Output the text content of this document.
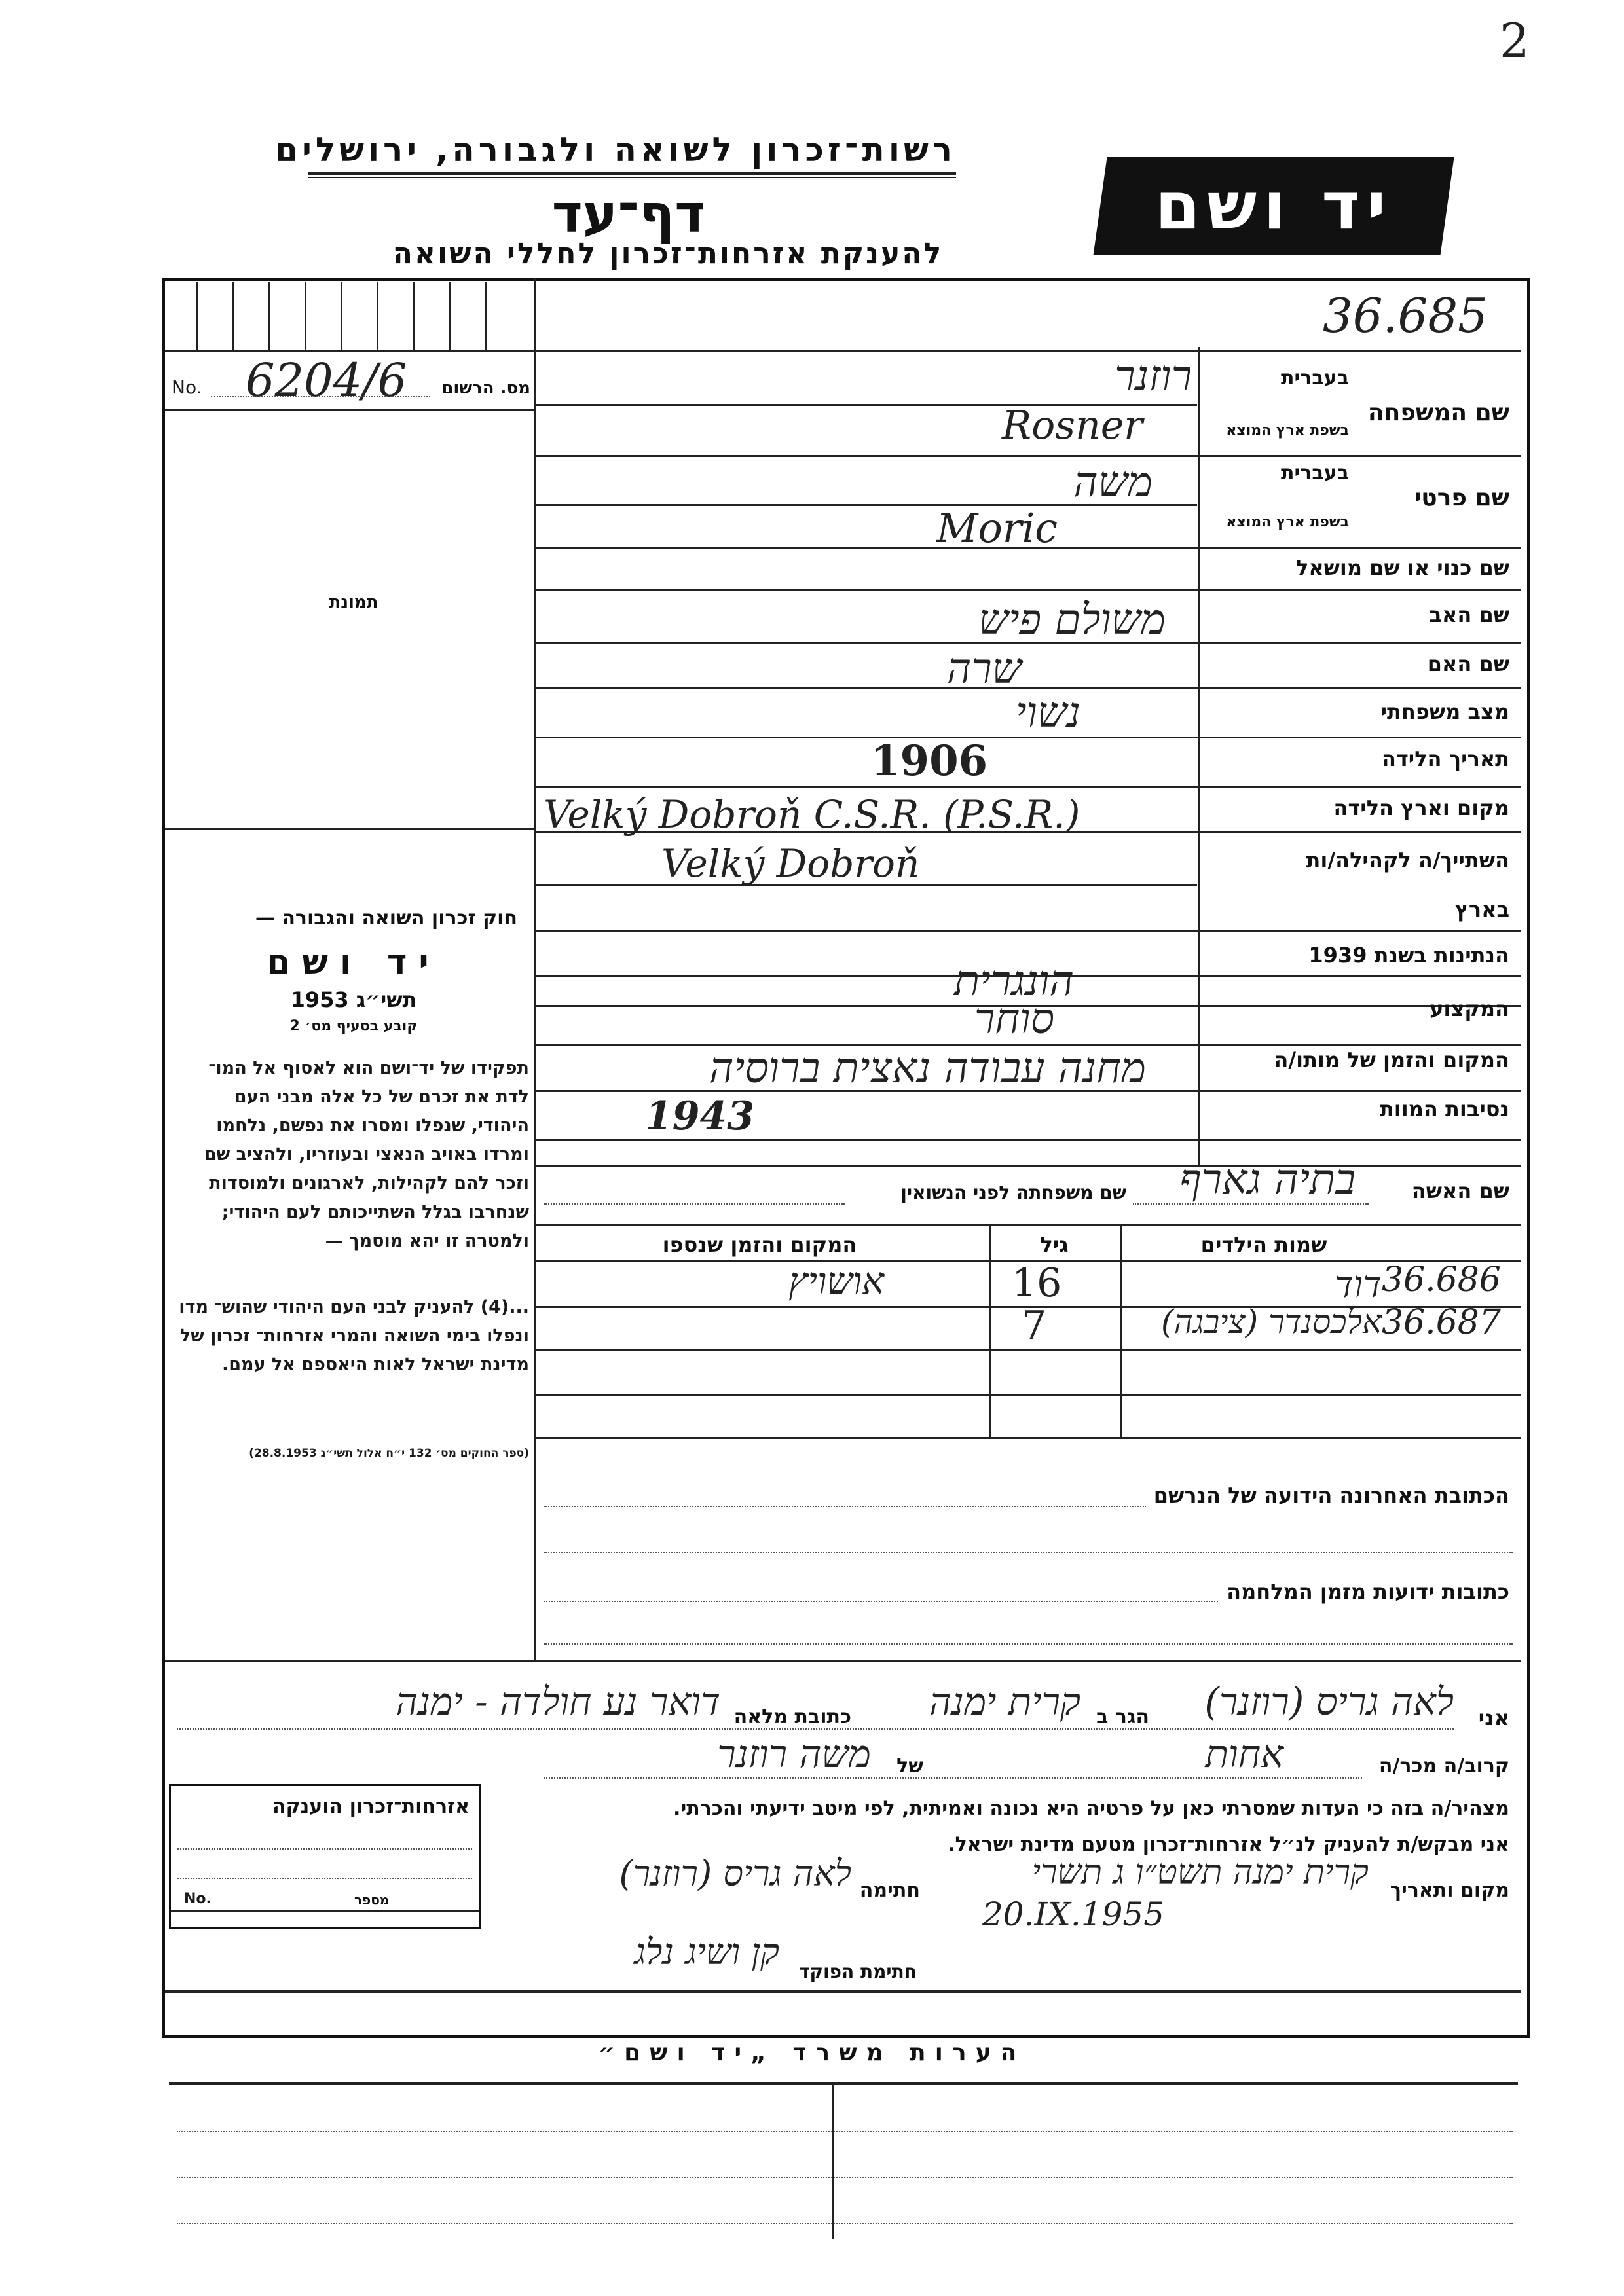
2
רשות־זכרון לשואה ולגבורה, ירושלים
דף־עד
להענקת אזרחות־זכרון לחללי השואה
יד ושם
36.685
No. 6204/6	מס. הרשום
תמונת
חוק זכרון השואה והגבורה —
יד ושם
תשי״ג 1953
קובע בסעיף מס׳ 2
תפקידו של יד־ושם הוא לאסוף אל המו־ לדת את זכרם של כל אלה מבני העם היהודי, שנפלו ומסרו את נפשם, נלחמו ומרדו באויב הנאצי ובעוזריו, ולהציב שם וזכר להם לקהילות, לארגונים ולמוסדות שנחרבו בגלל השתייכותם לעם היהודי; ולמטרה זו יהא מוסמך —
...(4) להעניק לבני העם היהודי שהוש־ מדו ונפלו בימי השואה והמרי אזרחות־ זכרון של מדינת ישראל לאות היאספם אל עמם.
(ספר החוקים מס׳ 132 י״ח אלול תשי״ג 28.8.1953)
שם המשפחה
בעברית
בשפת ארץ המוצא
רוזנר
Rosner
שם פרטי
בעברית
בשפת ארץ המוצא
משה
Moric
שם כנוי או שם מושאל
שם האב
משולם פיש
שם האם
שרה
מצב משפחתי
נשוי
תאריך הלידה
1906
מקום וארץ הלידה
Velký Dobroň C.S.R. (P.S.R.)
השתייך/ה לקהילה/ות
Velký Dobroň
בארץ
הנתינות בשנת 1939
הונגרית
המקצוע
סוחר
המקום והזמן של מותו/ה
מחנה עבודה נאצית ברוסיה
נסיבות המוות
1943
שם האשה
בתיה גארף
שם משפחתה לפני הנשואין
שמות הילדים
גיל
המקום והזמן שנספו
דוד 36.686
16
אושויץ
אלכסנדר (ציבגה) 36.687
7
הכתובת האחרונה הידועה של הנרשם
כתובות ידועות מזמן המלחמה
אני
לאה גריס (רוזנר)
הגר ב
קרית ימנה
כתובת מלאה
דואר נע חולדה - ימנה
קרוב/ה מכר/ה
אחות
של
משה רוזנר
מצהיר/ה בזה כי העדות שמסרתי כאן על פרטיה היא נכונה ואמיתית, לפי מיטב ידיעתי והכרתי.
אני מבקש/ת להעניק לנ״ל אזרחות־זכרון מטעם מדינת ישראל.
מקום ותאריך
קרית ימנה תשט״ו ג תשרי
20.IX.1955
חתימה
לאה גריס (רוזנר)
חתימת הפוקד
קן ושיג נלג
אזרחות־זכרון הוענקה
No.	מספר
הערות משרד „יד ושם״
